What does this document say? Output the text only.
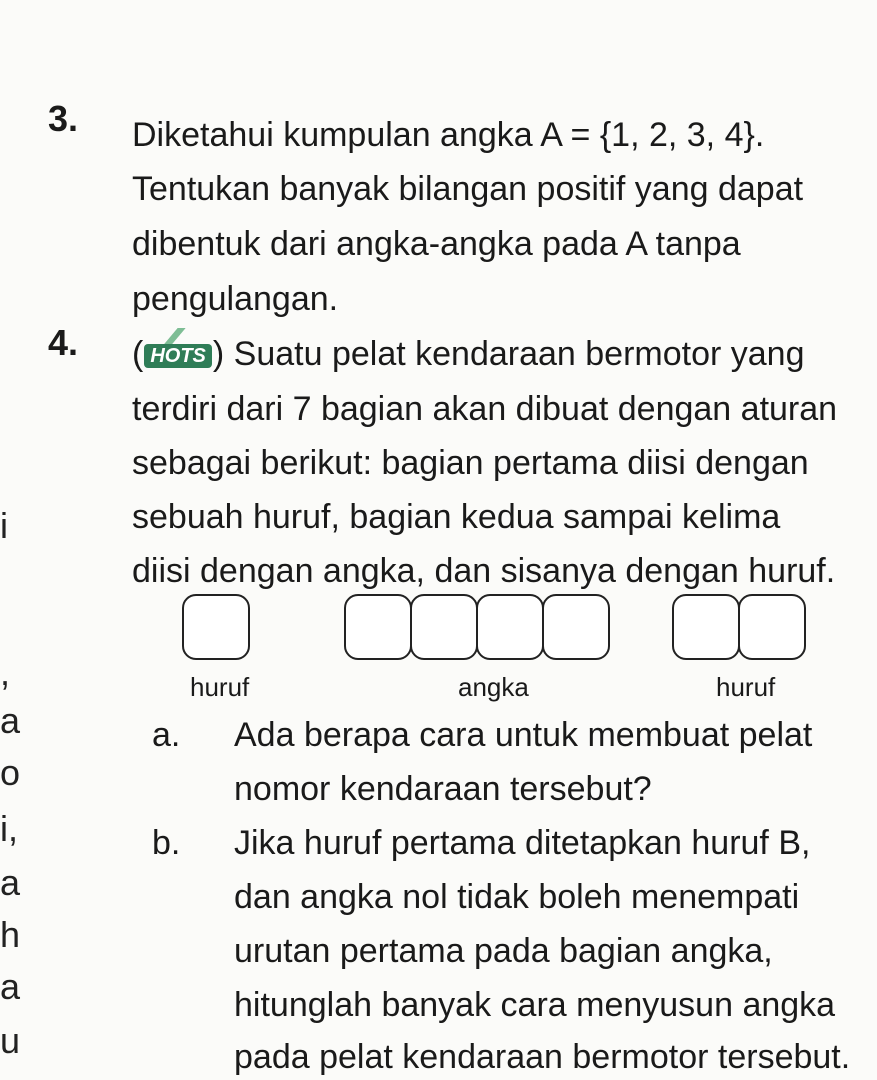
i
,
a
o
i,
a
h
a
u
3. Diketahui kumpulan angka A = {1, 2, 3, 4}.
Tentukan banyak bilangan positif yang dapat
dibentuk dari angka-angka pada A tanpa
pengulangan.
4. ( HOTS ) Suatu pelat kendaraan bermotor yang
terdiri dari 7 bagian akan dibuat dengan aturan
sebagai berikut: bagian pertama diisi dengan
sebuah huruf, bagian kedua sampai kelima
diisi dengan angka, dan sisanya dengan huruf.
huruf	angka	huruf
a. Ada berapa cara untuk membuat pelat
nomor kendaraan tersebut?
b. Jika huruf pertama ditetapkan huruf B,
dan angka nol tidak boleh menempati
urutan pertama pada bagian angka,
hitunglah banyak cara menyusun angka
pada pelat kendaraan bermotor tersebut.
